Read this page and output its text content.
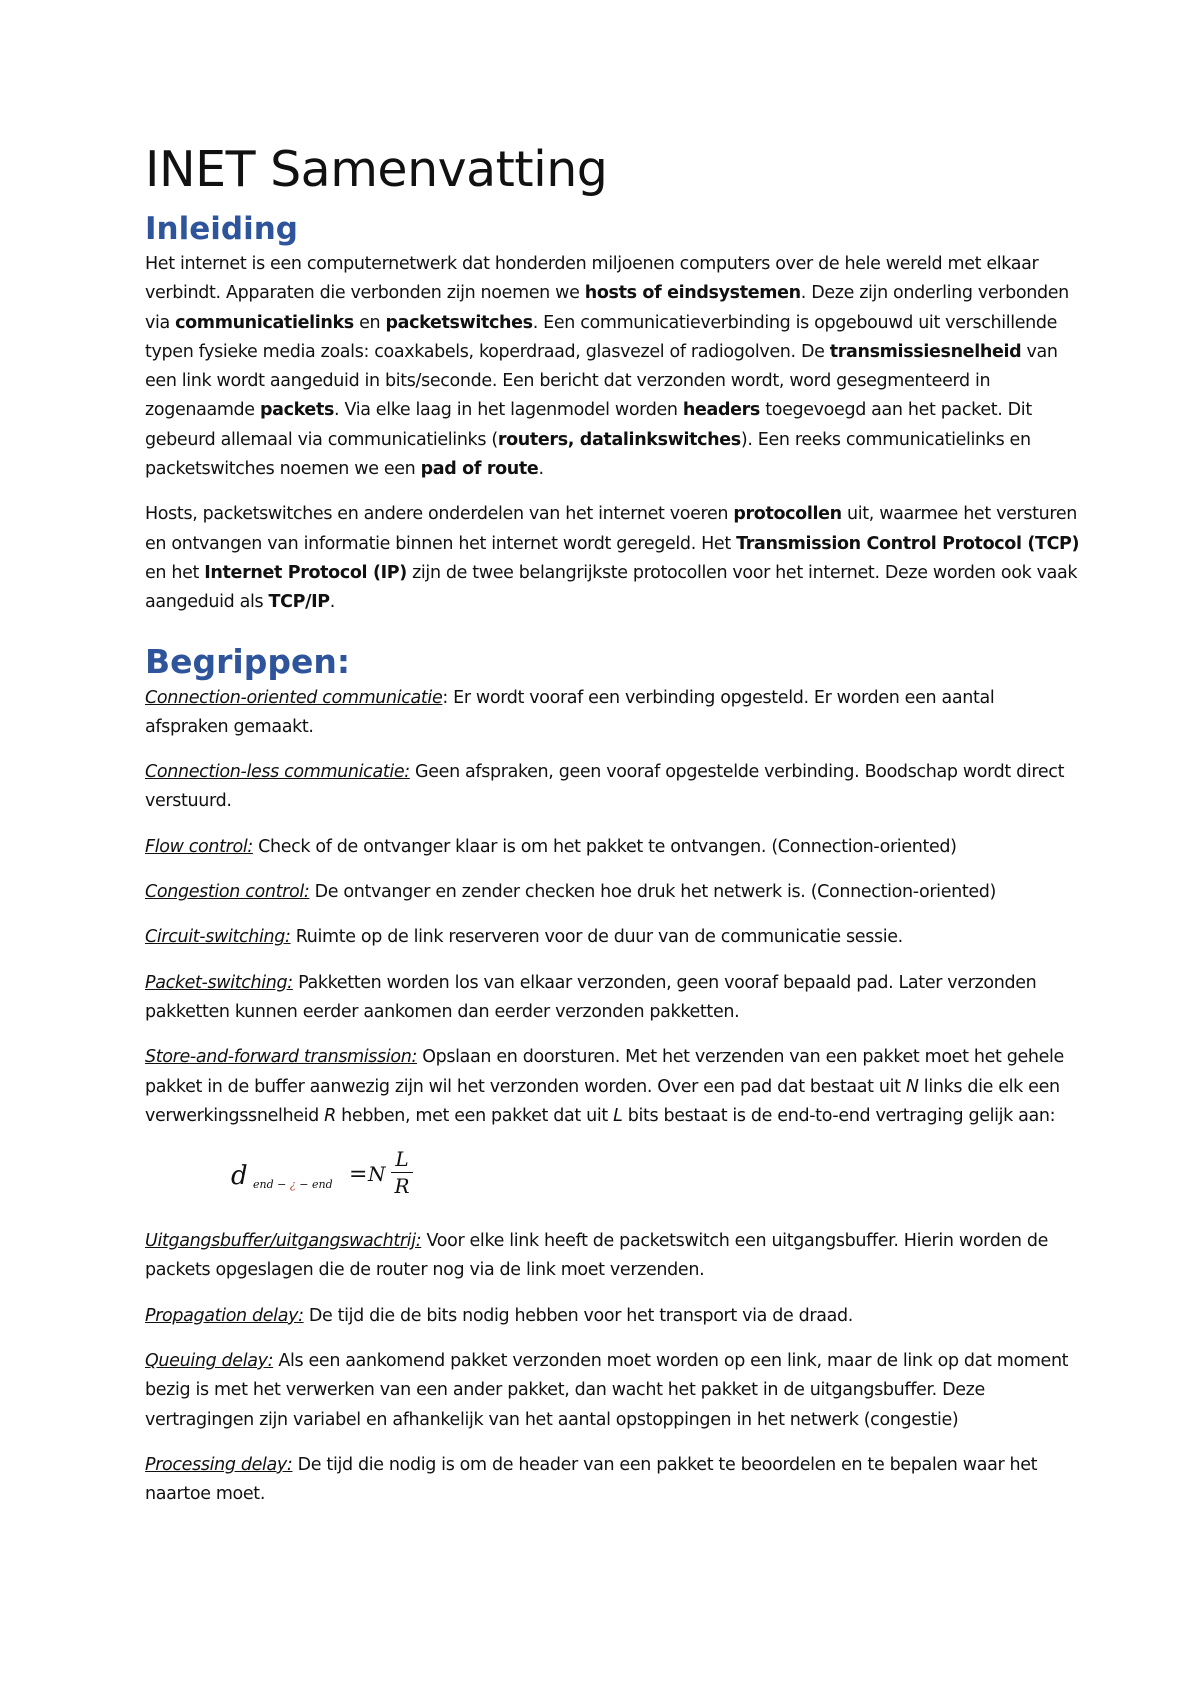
INET Samenvatting
Inleiding

Het internet is een computernetwerk dat honderden miljoenen computers over de hele wereld met elkaar verbindt. Apparaten die verbonden zijn noemen we hosts of eindsystemen. Deze zijn onderling verbonden via communicatielinks en packetswitches. Een communicatieverbinding is opgebouwd uit verschillende typen fysieke media zoals: coaxkabels, koperdraad, glasvezel of radiogolven. De transmissiesnelheid van een link wordt aangeduid in bits/seconde. Een bericht dat verzonden wordt, word gesegmenteerd in zogenaamde packets. Via elke laag in het lagenmodel worden headers toegevoegd aan het packet. Dit gebeurd allemaal via communicatielinks (routers, datalinkswitches). Een reeks communicatielinks en packetswitches noemen we een pad of route.

Hosts, packetswitches en andere onderdelen van het internet voeren protocollen uit, waarmee het versturen en ontvangen van informatie binnen het internet wordt geregeld. Het Transmission Control Protocol (TCP) en het Internet Protocol (IP) zijn de twee belangrijkste protocollen voor het internet. Deze worden ook vaak aangeduid als TCP/IP.

Begrippen:

Connection-oriented communicatie: Er wordt vooraf een verbinding opgesteld. Er worden een aantal afspraken gemaakt.

Connection-less communicatie: Geen afspraken, geen vooraf opgestelde verbinding. Boodschap wordt direct verstuurd.

Flow control: Check of de ontvanger klaar is om het pakket te ontvangen. (Connection-oriented)

Congestion control: De ontvanger en zender checken hoe druk het netwerk is. (Connection-oriented)

Circuit-switching: Ruimte op de link reserveren voor de duur van de communicatie sessie.

Packet-switching: Pakketten worden los van elkaar verzonden, geen vooraf bepaald pad. Later verzonden pakketten kunnen eerder aankomen dan eerder verzonden pakketten.

Store-and-forward transmission: Opslaan en doorsturen. Met het verzenden van een pakket moet het gehele pakket in de buffer aanwezig zijn wil het verzonden worden. Over een pad dat bestaat uit N links die elk een verwerkingssnelheid R hebben, met een pakket dat uit L bits bestaat is de end-to-end vertraging gelijk aan:

d end − ¿ − end = N
L
R

Uitgangsbuffer/uitgangswachtrij: Voor elke link heeft de packetswitch een uitgangsbuffer. Hierin worden de packets opgeslagen die de router nog via de link moet verzenden.

Propagation delay: De tijd die de bits nodig hebben voor het transport via de draad.

Queuing delay: Als een aankomend pakket verzonden moet worden op een link, maar de link op dat moment bezig is met het verwerken van een ander pakket, dan wacht het pakket in de uitgangsbuffer. Deze vertragingen zijn variabel en afhankelijk van het aantal opstoppingen in het netwerk (congestie)

Processing delay: De tijd die nodig is om de header van een pakket te beoordelen en te bepalen waar het naartoe moet.
